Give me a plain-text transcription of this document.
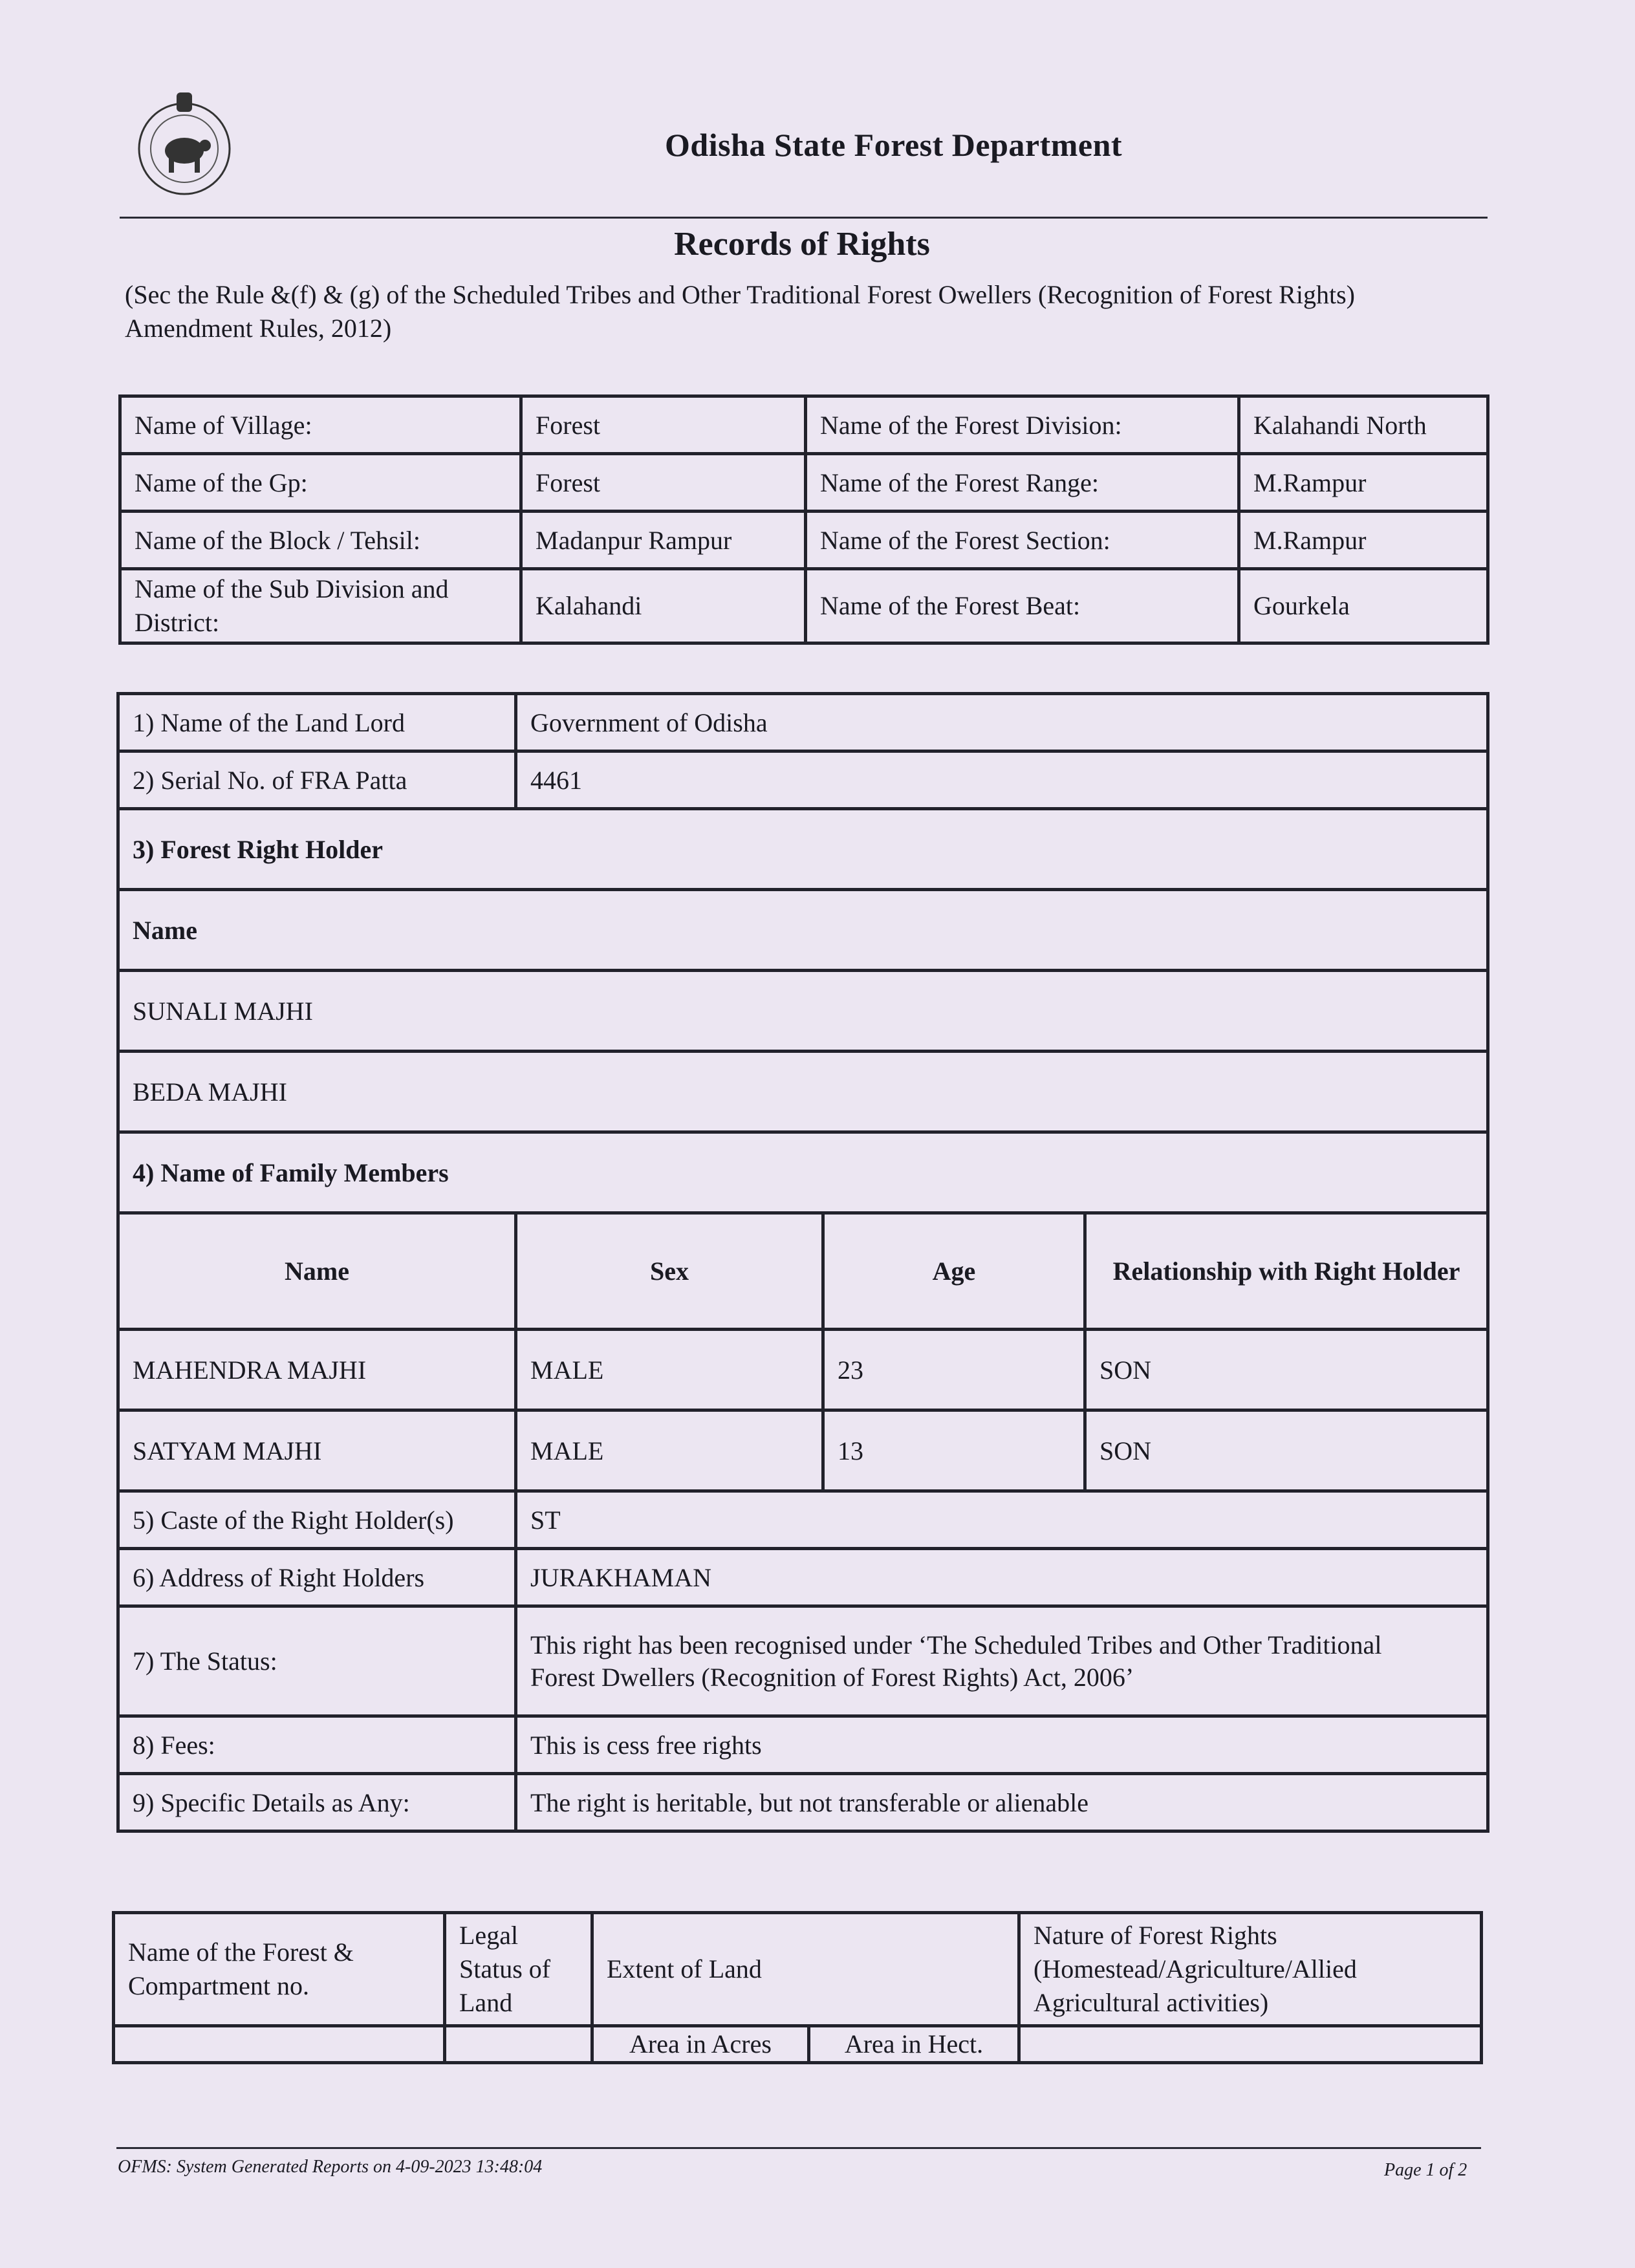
Odisha State Forest Department
Records of Rights
(Sec the Rule &(f) & (g) of the Scheduled Tribes and Other Traditional Forest Owellers (Recognition of Forest Rights) Amendment Rules, 2012)
Name of Village:	Forest	Name of the Forest Division:	Kalahandi North
Name of the Gp:	Forest	Name of the Forest Range:	M.Rampur
Name of the Block / Tehsil:	Madanpur Rampur	Name of the Forest Section:	M.Rampur
Name of the Sub Division and District:	Kalahandi	Name of the Forest Beat:	Gourkela
1) Name of the Land Lord	Government of Odisha		
2) Serial No. of FRA Patta	4461		
3) Forest Right Holder			
Name			
SUNALI MAJHI			
BEDA MAJHI			
4) Name of Family Members			
Name	Sex	Age	Relationship with Right Holder
MAHENDRA MAJHI	MALE	23	SON
SATYAM MAJHI	MALE	13	SON
5) Caste of the Right Holder(s)	ST		
6) Address of Right Holders	JURAKHAMAN		
7) The Status:	This right has been recognised under ‘The Scheduled Tribes and Other Traditional
Forest Dwellers (Recognition of Forest Rights) Act, 2006’		

8) Fees:	This is cess free rights		
9) Specific Details as Any:	The right is heritable, but not transferable or alienable		
Name of the Forest & Compartment no.	Legal Status of Land	Extent of Land		Nature of Forest Rights (Homestead/Agriculture/Allied Agricultural activities)
		Area in Acres	Area in Hect.	
OFMS: System Generated Reports on 4-09-2023 13:48:04	Page 1 of 2
